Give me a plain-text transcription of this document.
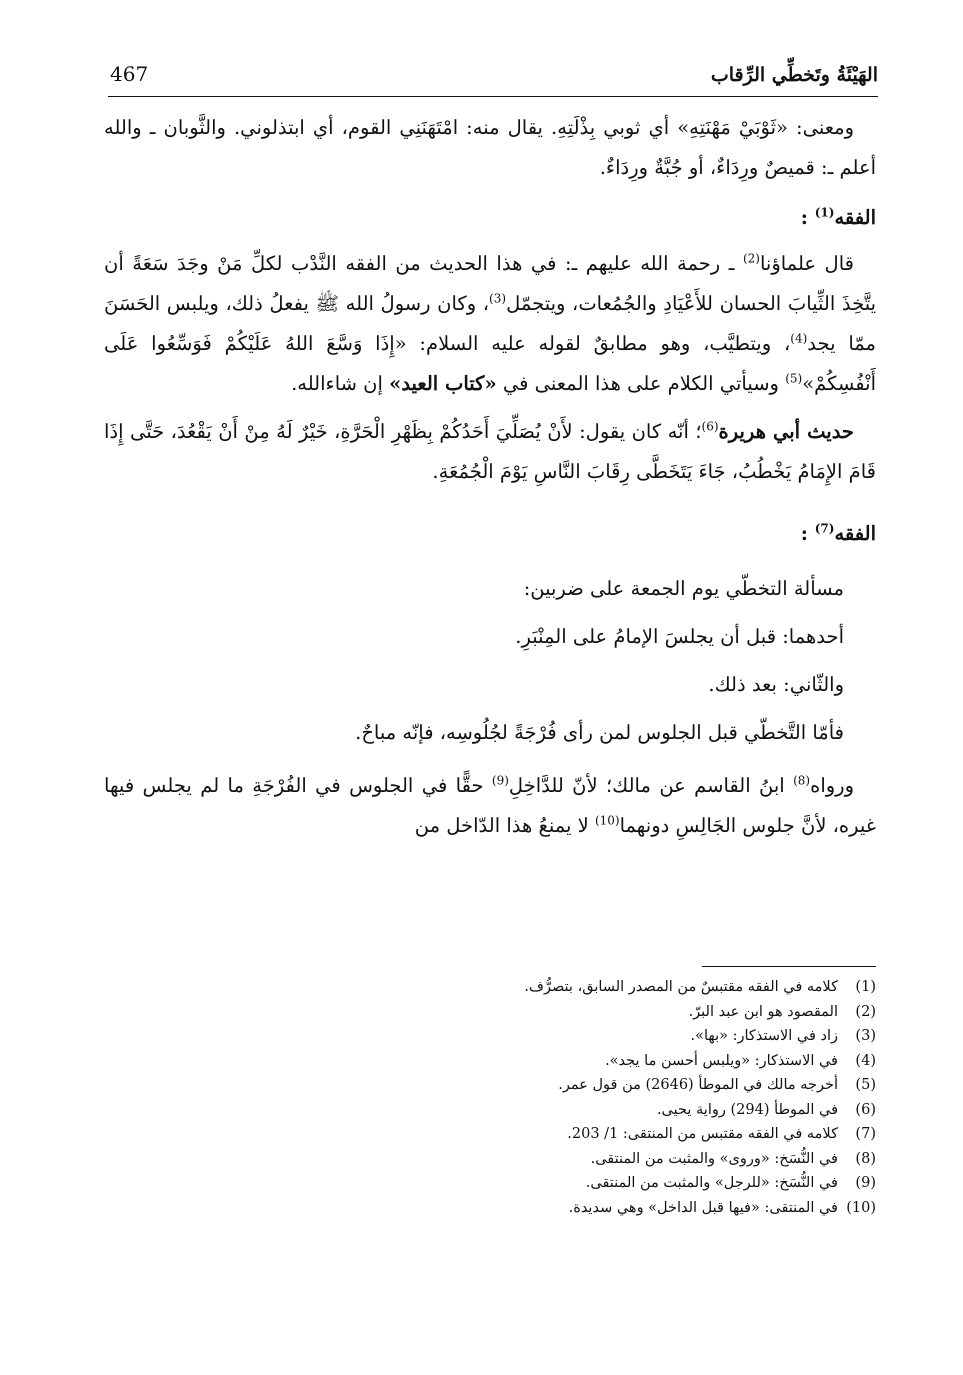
467	الهَيْئَةُ وتَخطِّي الرِّقاب

ومعنى: «ثَوْبَيْ مَهْنَتِهِ» أي ثوبي بِذْلَتِهِ. يقال منه: امْتَهَنَنِي القوم، أي ابتذلوني. والثَّوبان ـ والله أعلم ـ: قميصٌ ورِدَاءٌ، أو جُبَّةٌ ورِدَاءٌ.

الفقه$^{(1)}$ :

قال علماؤنا$^{(2)}$ ـ رحمة الله عليهم ـ: في هذا الحديث من الفقه النَّدْب لكلِّ مَنْ وجَدَ سَعَةً أن يتَّخِذَ الثِّيابَ الحسان للأَعْيَادِ والجُمُعات، ويتجمّل$^{(3)}$، وكان رسولُ الله ﷺ يفعلُ ذلك، ويلبس الحَسَنَ ممّا يجد$^{(4)}$، ويتطيَّب، وهو مطابقٌ لقوله عليه السلام: «إِذَا وَسَّعَ اللهُ عَلَيْكُمْ فَوَسِّعُوا عَلَى أَنْفُسِكُمْ»$^{(5)}$ وسيأتي الكلام على هذا المعنى في «كتاب العيد» إن شاءالله.

حديث أبي هريرة$^{(6)}$؛ أنّه كان يقول: لأَنْ يُصَلِّيَ أَحَدُكُمْ بِظَهْرِ الْحَرَّةِ، خَيْرٌ لَهُ مِنْ أَنْ يَقْعُدَ، حَتَّى إِذَا قَامَ الإِمَامُ يَخْطُبُ، جَاءَ يَتَخَطَّى رِقَابَ النَّاسِ يَوْمَ الْجُمُعَةِ.

الفقه$^{(7)}$ :

مسألة التخطّي يوم الجمعة على ضربين:

أحدهما: قبل أن يجلسَ الإمامُ على المِنْبَرِ.

والثّاني: بعد ذلك.

فأمّا التَّخطّي قبل الجلوس لمن رأى فُرْجَةً لجُلُوسِه، فإنّه مباحٌ.

ورواه$^{(8)}$ ابنُ القاسم عن مالك؛ لأنّ للدَّاخِلِ$^{(9)}$ حقًّا في الجلوس في الفُرْجَةِ ما لم يجلس فيها غيره، لأنَّ جلوس الجَالِسِ دونهما$^{(10)}$ لا يمنعُ هذا الدّاخل من

(1)
كلامه في الفقه مقتبسٌ من المصدر السابق، بتصرُّف.
(2)
المقصود هو ابن عبد البرّ.
(3)
زاد في الاستذكار: «بها».
(4)
في الاستذكار: «ويلبس أحسن ما يجد».
(5)
أخرجه مالك في الموطأ (2646) من قول عمر.
(6)
في الموطأ (294) رواية يحيى.
(7)
كلامه في الفقه مقتبس من المنتقى: 1/ 203.
(8)
في النُّسَخ: «وروى» والمثبت من المنتقى.
(9)
في النُّسَخ: «للرجل» والمثبت من المنتقى.
(10)
في المنتقى: «فيها قبل الداخل» وهي سديدة.
